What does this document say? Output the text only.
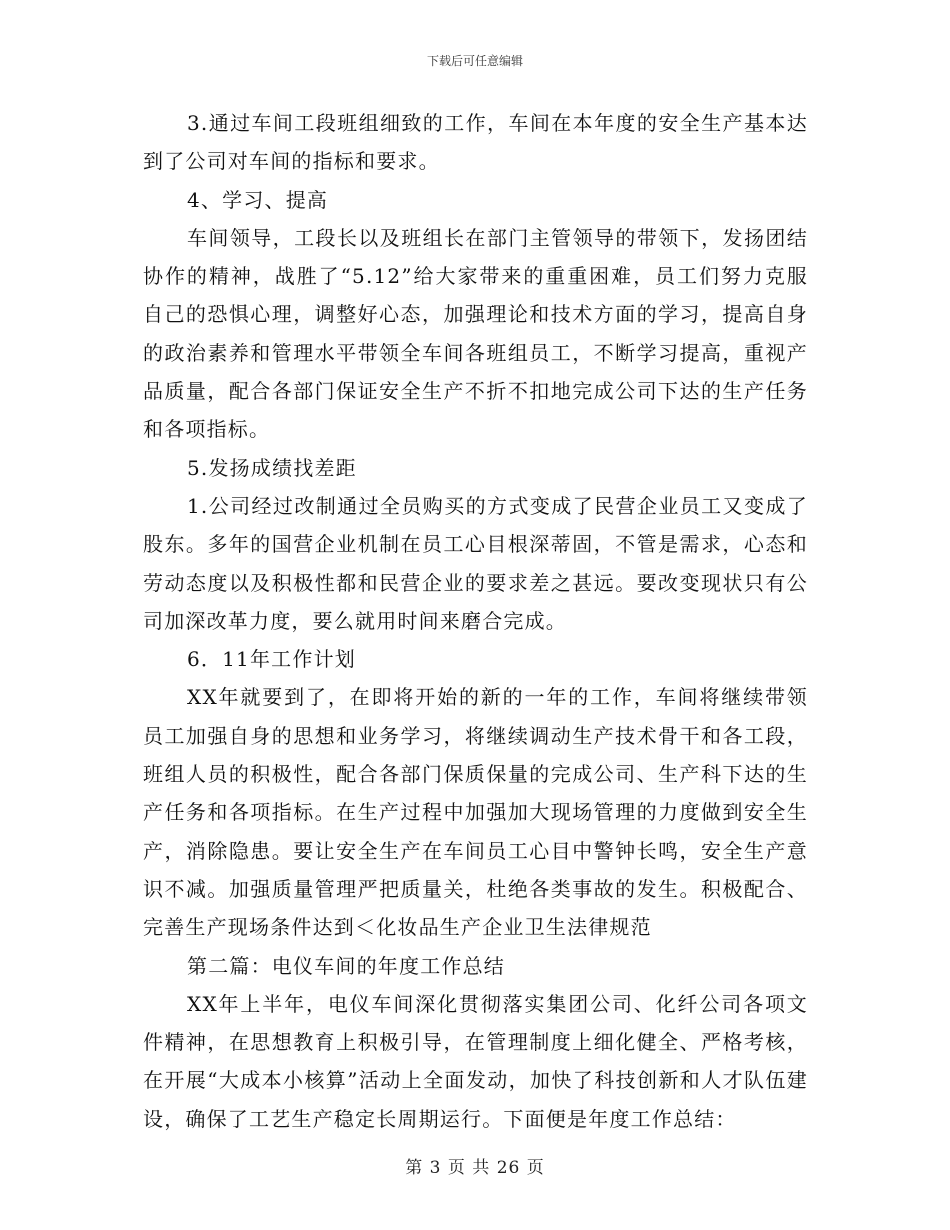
下载后可任意编辑

3.通过车间工段班组细致的工作，车间在本年度的安全生产基本达到了公司对车间的指标和要求。

4、学习、提高

车间领导，工段长以及班组长在部门主管领导的带领下，发扬团结协作的精神，战胜了“5.12”给大家带来的重重困难，员工们努力克服自己的恐惧心理，调整好心态，加强理论和技术方面的学习，提高自身的政治素养和管理水平带领全车间各班组员工，不断学习提高，重视产品质量，配合各部门保证安全生产不折不扣地完成公司下达的生产任务和各项指标。

5.发扬成绩找差距

1.公司经过改制通过全员购买的方式变成了民营企业员工又变成了股东。多年的国营企业机制在员工心目根深蒂固，不管是需求，心态和劳动态度以及积极性都和民营企业的要求差之甚远。要改变现状只有公司加深改革力度，要么就用时间来磨合完成。

6．11年工作计划

XX年就要到了，在即将开始的新的一年的工作，车间将继续带领员工加强自身的思想和业务学习，将继续调动生产技术骨干和各工段，班组人员的积极性，配合各部门保质保量的完成公司、生产科下达的生产任务和各项指标。在生产过程中加强加大现场管理的力度做到安全生产，消除隐患。要让安全生产在车间员工心目中警钟长鸣，安全生产意识不减。加强质量管理严把质量关，杜绝各类事故的发生。积极配合、完善生产现场条件达到＜化妆品生产企业卫生法律规范

第二篇：电仪车间的年度工作总结

XX年上半年，电仪车间深化贯彻落实集团公司、化纤公司各项文件精神，在思想教育上积极引导，在管理制度上细化健全、严格考核，在开展“大成本小核算”活动上全面发动，加快了科技创新和人才队伍建设，确保了工艺生产稳定长周期运行。下面便是年度工作总结：

第 3 页 共 26 页
